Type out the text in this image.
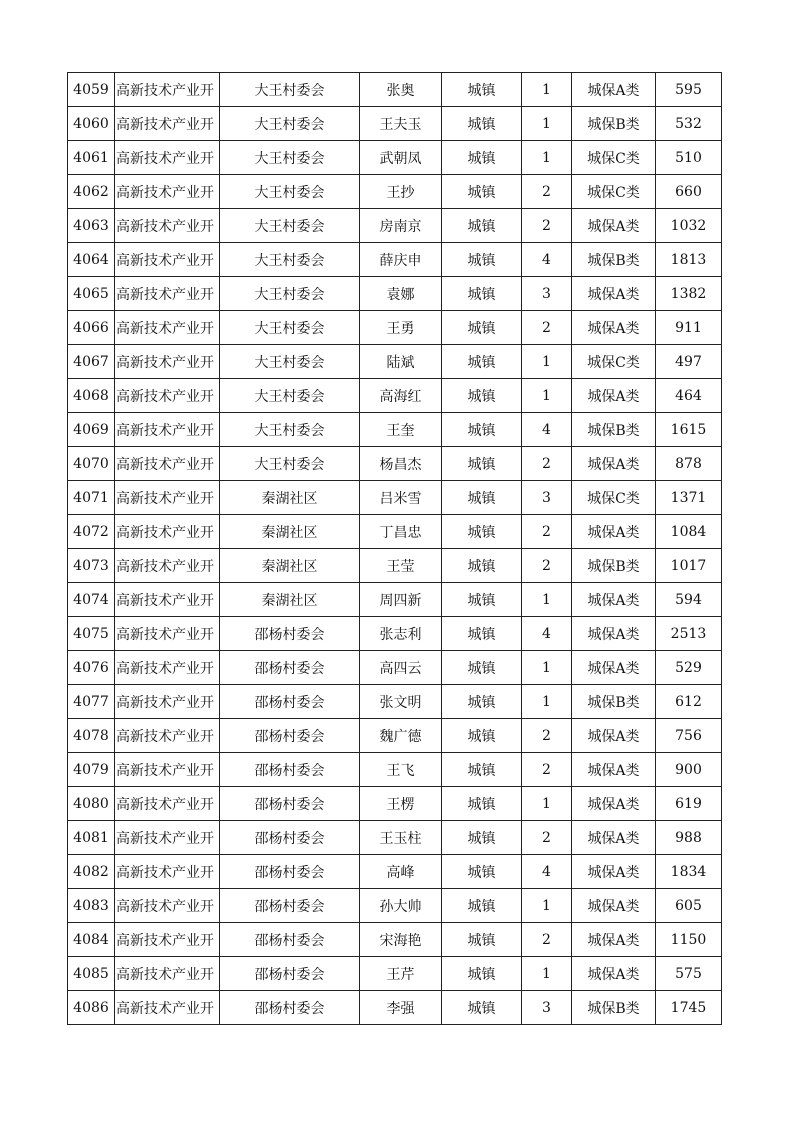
4059	高新技术产业开	大王村委会	张奥	城镇	1	城保A类	595
4060	高新技术产业开	大王村委会	王夫玉	城镇	1	城保B类	532
4061	高新技术产业开	大王村委会	武朝凤	城镇	1	城保C类	510
4062	高新技术产业开	大王村委会	王抄	城镇	2	城保C类	660
4063	高新技术产业开	大王村委会	房南京	城镇	2	城保A类	1032
4064	高新技术产业开	大王村委会	薛庆申	城镇	4	城保B类	1813
4065	高新技术产业开	大王村委会	袁娜	城镇	3	城保A类	1382
4066	高新技术产业开	大王村委会	王勇	城镇	2	城保A类	911
4067	高新技术产业开	大王村委会	陆斌	城镇	1	城保C类	497
4068	高新技术产业开	大王村委会	高海红	城镇	1	城保A类	464
4069	高新技术产业开	大王村委会	王奎	城镇	4	城保B类	1615
4070	高新技术产业开	大王村委会	杨昌杰	城镇	2	城保A类	878
4071	高新技术产业开	秦湖社区	吕米雪	城镇	3	城保C类	1371
4072	高新技术产业开	秦湖社区	丁昌忠	城镇	2	城保A类	1084
4073	高新技术产业开	秦湖社区	王莹	城镇	2	城保B类	1017
4074	高新技术产业开	秦湖社区	周四新	城镇	1	城保A类	594
4075	高新技术产业开	邵杨村委会	张志利	城镇	4	城保A类	2513
4076	高新技术产业开	邵杨村委会	高四云	城镇	1	城保A类	529
4077	高新技术产业开	邵杨村委会	张文明	城镇	1	城保B类	612
4078	高新技术产业开	邵杨村委会	魏广德	城镇	2	城保A类	756
4079	高新技术产业开	邵杨村委会	王飞	城镇	2	城保A类	900
4080	高新技术产业开	邵杨村委会	王楞	城镇	1	城保A类	619
4081	高新技术产业开	邵杨村委会	王玉柱	城镇	2	城保A类	988
4082	高新技术产业开	邵杨村委会	高峰	城镇	4	城保A类	1834
4083	高新技术产业开	邵杨村委会	孙大帅	城镇	1	城保A类	605
4084	高新技术产业开	邵杨村委会	宋海艳	城镇	2	城保A类	1150
4085	高新技术产业开	邵杨村委会	王芹	城镇	1	城保A类	575
4086	高新技术产业开	邵杨村委会	李强	城镇	3	城保B类	1745
